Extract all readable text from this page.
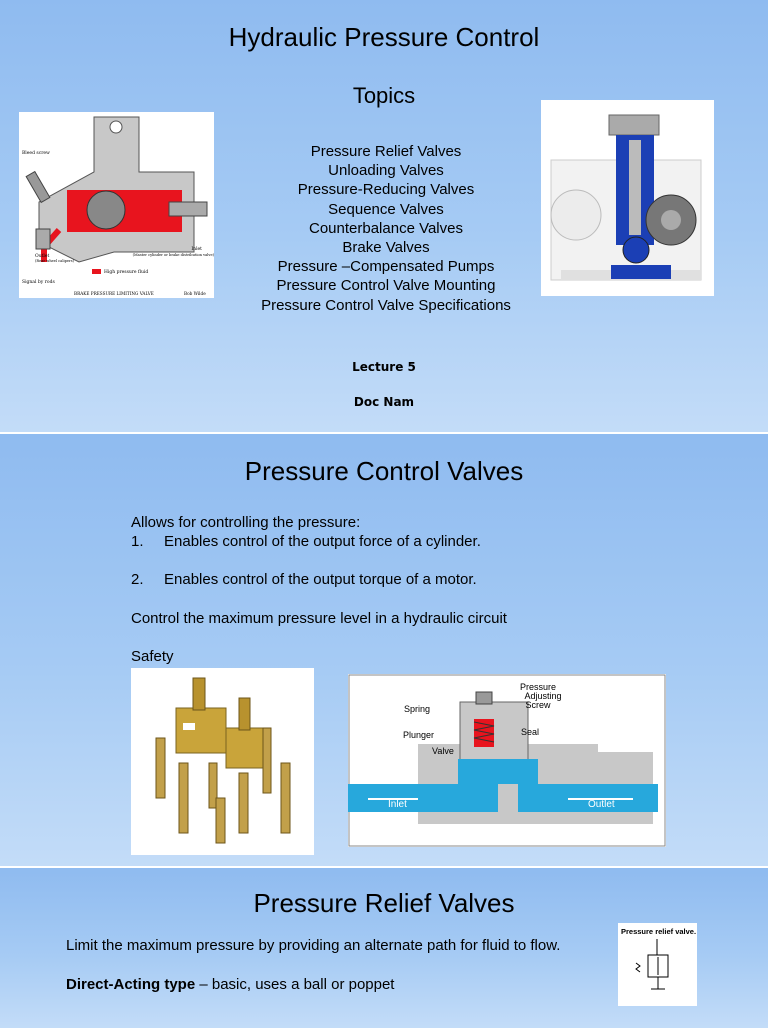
Hydraulic Pressure Control
Topics
Pressure Relief Valves
Unloading Valves
Pressure-Reducing Valves
Sequence Valves
Counterbalance Valves
Brake Valves
Pressure –Compensated Pumps
Pressure Control Valve Mounting
Pressure Control Valve Specifications
Lecture 5
Doc Nam
Bleed screw
Inlet
(Master cylinder or brake distribution valve)
Outlet
(Rear wheel calipers)
High pressure fluid
Signal by rods
BRAKE PRESSURE LIMITING VALVE	Bob Wilde
Pressure Control Valves
Allows for controlling the pressure:
1. Enables control of the output force of a cylinder.
2. Enables control of the output torque of a motor.
Control the maximum pressure level in a hydraulic circuit
Safety
Pressure
Adjusting
Screw
Spring
Plunger
Valve
Seal
Inlet	Outlet
Pressure Relief Valves
Limit the maximum pressure by providing an alternate path for fluid to flow.
Direct-Acting type – basic, uses a ball or poppet
Pressure relief valve.
